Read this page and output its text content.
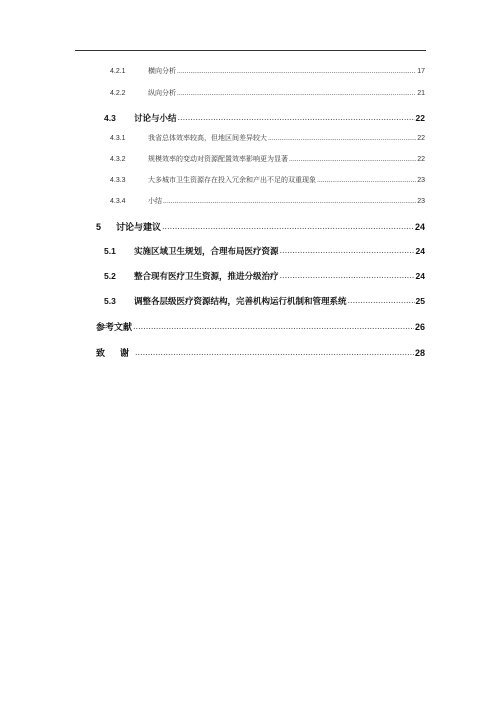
4.2.1	横向分析 .....	17
4.2.2	纵向分析 .....	21
4.3	讨论与小结 .....	22
4.3.1	我省总体效率较高，但地区间差异较大 .....	22
4.3.2	规模效率的变动对资源配置效率影响更为显著 .....	22
4.3.3	大多城市卫生资源存在投入冗余和产出不足的双重现象 .....	23
4.3.4	小结 .....	23
5	讨论与建议 .....	24
5.1	实施区域卫生规划，合理布局医疗资源 .....	24
5.2	整合现有医疗卫生资源，推进分级治疗 .....	24
5.3	调整各层级医疗资源结构，完善机构运行机制和管理系统 .....	25
参考文献 .....	26
致　谢 .....	28
